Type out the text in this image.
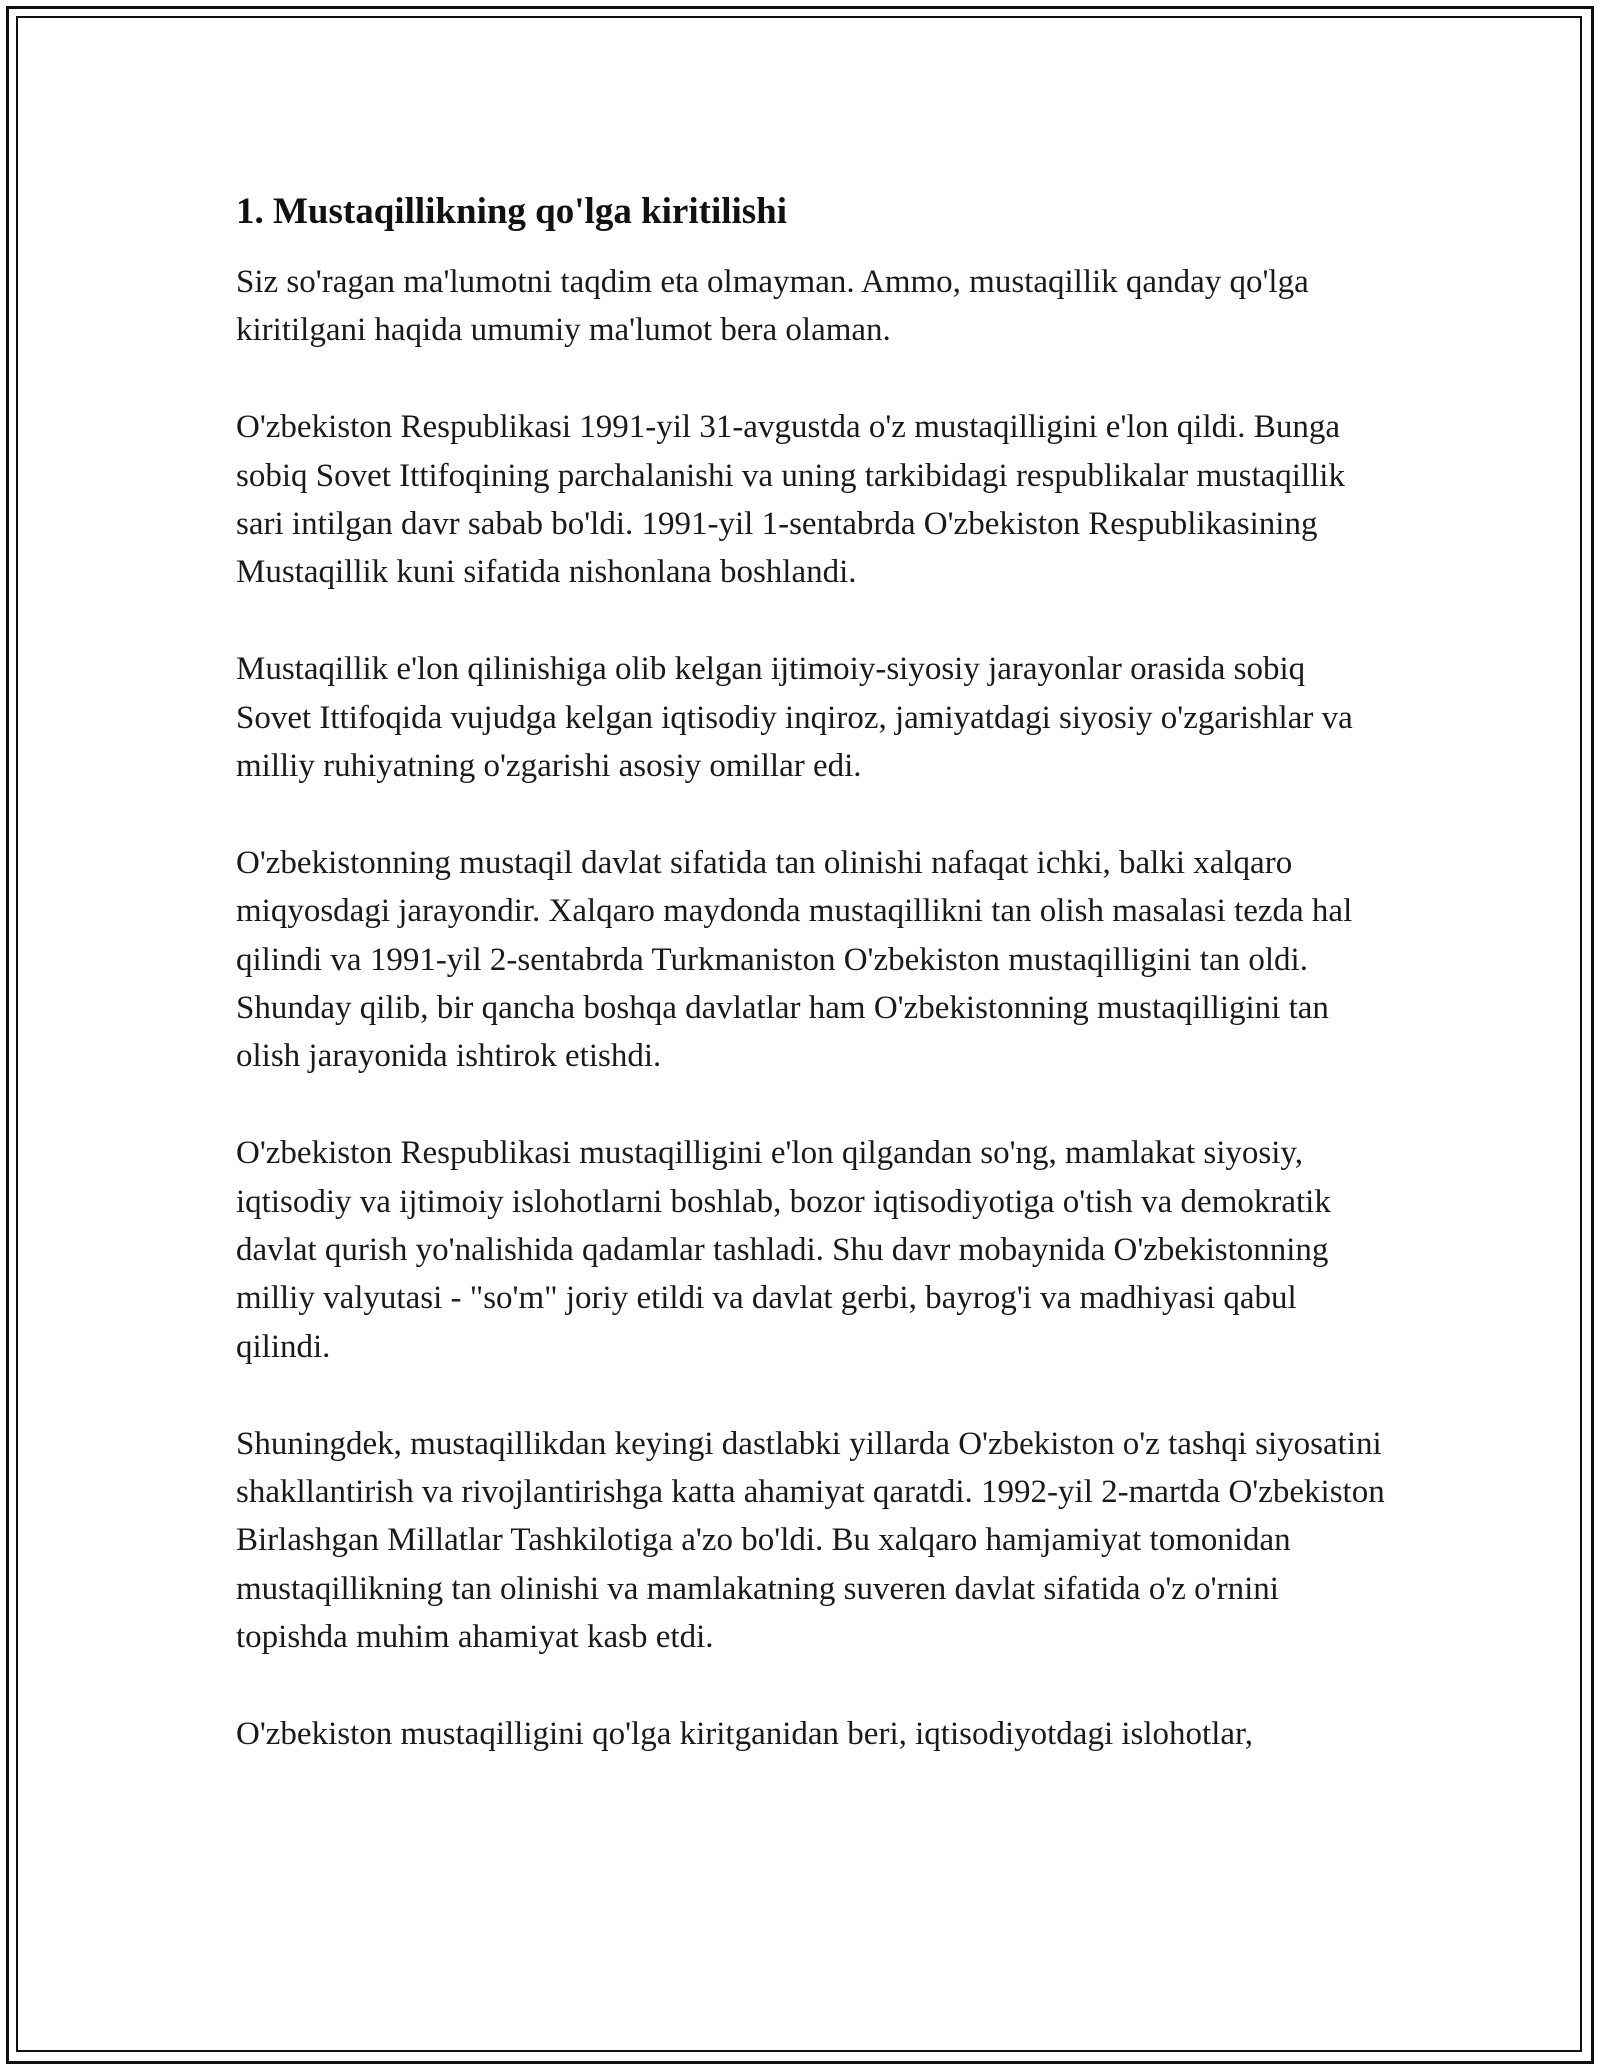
1. Mustaqillikning qo'lga kiritilishi

Siz so'ragan ma'lumotni taqdim eta olmayman. Ammo, mustaqillik qanday qo'lga kiritilgani haqida umumiy ma'lumot bera olaman.

O'zbekiston Respublikasi 1991-yil 31-avgustda o'z mustaqilligini e'lon qildi. Bunga sobiq Sovet Ittifoqining parchalanishi va uning tarkibidagi respublikalar mustaqillik sari intilgan davr sabab bo'ldi. 1991-yil 1-sentabrda O'zbekiston Respublikasining Mustaqillik kuni sifatida nishonlana boshlandi.

Mustaqillik e'lon qilinishiga olib kelgan ijtimoiy-siyosiy jarayonlar orasida sobiq Sovet Ittifoqida vujudga kelgan iqtisodiy inqiroz, jamiyatdagi siyosiy o'zgarishlar va milliy ruhiyatning o'zgarishi asosiy omillar edi.

O'zbekistonning mustaqil davlat sifatida tan olinishi nafaqat ichki, balki xalqaro miqyosdagi jarayondir. Xalqaro maydonda mustaqillikni tan olish masalasi tezda hal qilindi va 1991-yil 2-sentabrda Turkmaniston O'zbekiston mustaqilligini tan oldi. Shunday qilib, bir qancha boshqa davlatlar ham O'zbekistonning mustaqilligini tan olish jarayonida ishtirok etishdi.

O'zbekiston Respublikasi mustaqilligini e'lon qilgandan so'ng, mamlakat siyosiy, iqtisodiy va ijtimoiy islohotlarni boshlab, bozor iqtisodiyotiga o'tish va demokratik davlat qurish yo'nalishida qadamlar tashladi. Shu davr mobaynida O'zbekistonning milliy valyutasi - "so'm" joriy etildi va davlat gerbi, bayrog'i va madhiyasi qabul qilindi.

Shuningdek, mustaqillikdan keyingi dastlabki yillarda O'zbekiston o'z tashqi siyosatini shakllantirish va rivojlantirishga katta ahamiyat qaratdi. 1992-yil 2-martda O'zbekiston Birlashgan Millatlar Tashkilotiga a'zo bo'ldi. Bu xalqaro hamjamiyat tomonidan mustaqillikning tan olinishi va mamlakatning suveren davlat sifatida o'z o'rnini topishda muhim ahamiyat kasb etdi.

O'zbekiston mustaqilligini qo'lga kiritganidan beri, iqtisodiyotdagi islohotlar,
